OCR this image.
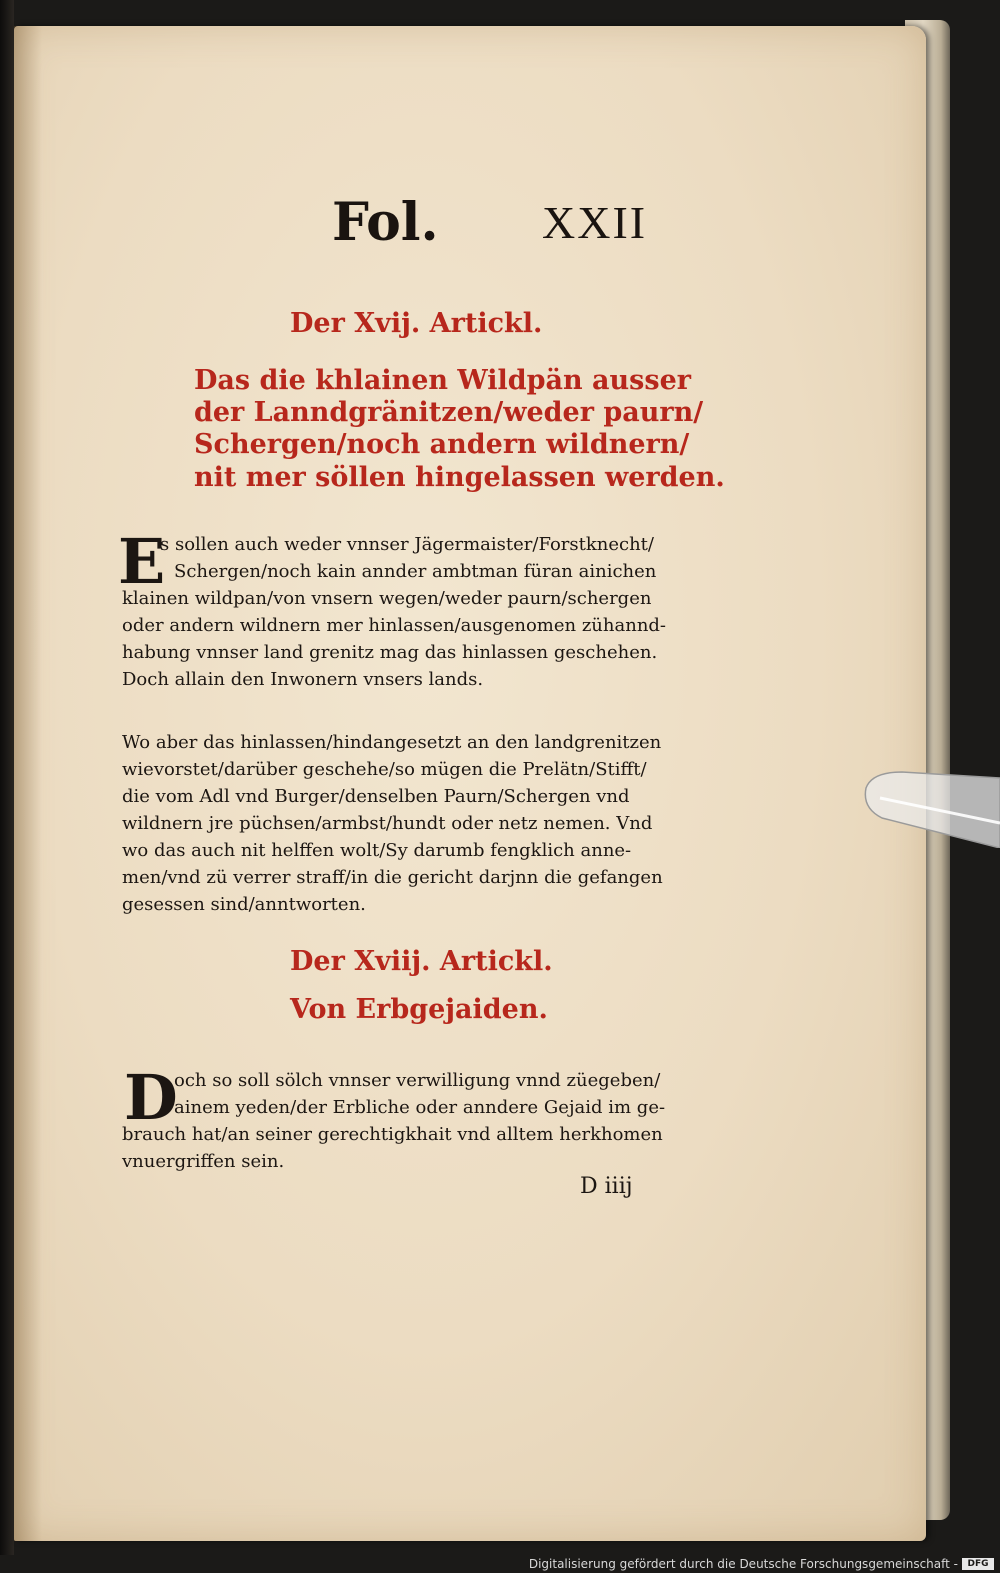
Fol. XXII
Der Xvij. Artickl.
Das die khlainen Wildpän ausser
der Lanndgränitzen/weder paurn/
Schergen/noch andern wildnern/
nit mer söllen hingelassen werden.
E
s sollen auch weder vnnser Jägermaister/Forstknecht/
Schergen/noch kain annder ambtman füran ainichen
klainen wildpan/von vnsern wegen/weder paurn/schergen
oder andern wildnern mer hinlassen/ausgenomen zühannd-
habung vnnser land grenitz mag das hinlassen geschehen.
Doch allain den Inwonern vnsers lands.
Wo aber das hinlassen/hindangesetzt an den landgrenitzen
wievorstet/darüber geschehe/so mügen die Prelätn/Stifft/
die vom Adl vnd Burger/denselben Paurn/Schergen vnd
wildnern jre püchsen/armbst/hundt oder netz nemen. Vnd
wo das auch nit helffen wolt/Sy darumb fengklich anne-
men/vnd zü verrer straff/in die gericht darjnn die gefangen
gesessen sind/anntworten.
Der Xviij. Artickl.
Von Erbgejaiden.
D
och so soll sölch vnnser verwilligung vnnd züegeben/
ainem yeden/der Erbliche oder anndere Gejaid im ge-
brauch hat/an seiner gerechtigkhait vnd alltem herkhomen
vnuergriffen sein.
D iiij
Digitalisierung gefördert durch die Deutsche Forschungsgemeinschaft -	DFG
